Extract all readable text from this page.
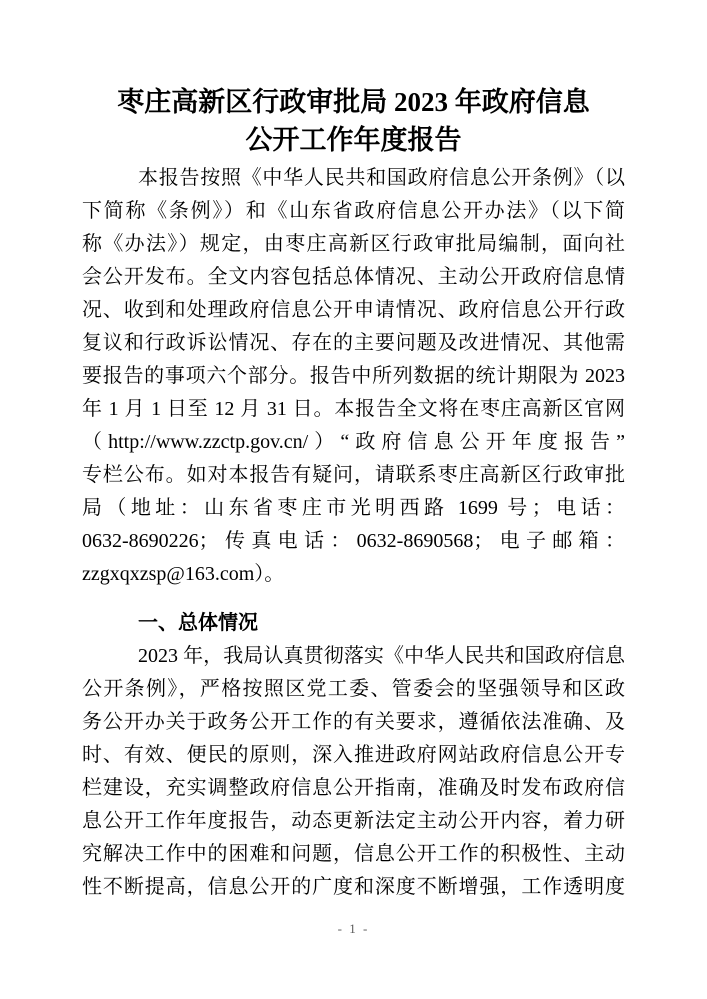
枣庄高新区行政审批局 2023 年政府信息
公开工作年度报告
本报告按照《中华人民共和国政府信息公开条例》（以
下简称《条例》）和《山东省政府信息公开办法》（以下简
称《办法》）规定，由枣庄高新区行政审批局编制，面向社
会公开发布。全文内容包括总体情况、主动公开政府信息情
况、收到和处理政府信息公开申请情况、政府信息公开行政
复议和行政诉讼情况、存在的主要问题及改进情况、其他需
要报告的事项六个部分。报告中所列数据的统计期限为 2023
年 1 月 1 日至 12 月 31 日。本报告全文将在枣庄高新区官网
（http://www.zzctp.gov.cn/）“政府信息公开年度报告”
专栏公布。如对本报告有疑问，请联系枣庄高新区行政审批
局（地址：山东省枣庄市光明西路 1699 号；电话：
0632-8690226；传真电话：0632-8690568；电子邮箱：
zzgxqxzsp@163.com）。
一、总体情况
2023 年，我局认真贯彻落实《中华人民共和国政府信息
公开条例》，严格按照区党工委、管委会的坚强领导和区政
务公开办关于政务公开工作的有关要求，遵循依法准确、及
时、有效、便民的原则，深入推进政府网站政府信息公开专
栏建设，充实调整政府信息公开指南，准确及时发布政府信
息公开工作年度报告，动态更新法定主动公开内容，着力研
究解决工作中的困难和问题，信息公开工作的积极性、主动
性不断提高，信息公开的广度和深度不断增强，工作透明度
- 1 -
